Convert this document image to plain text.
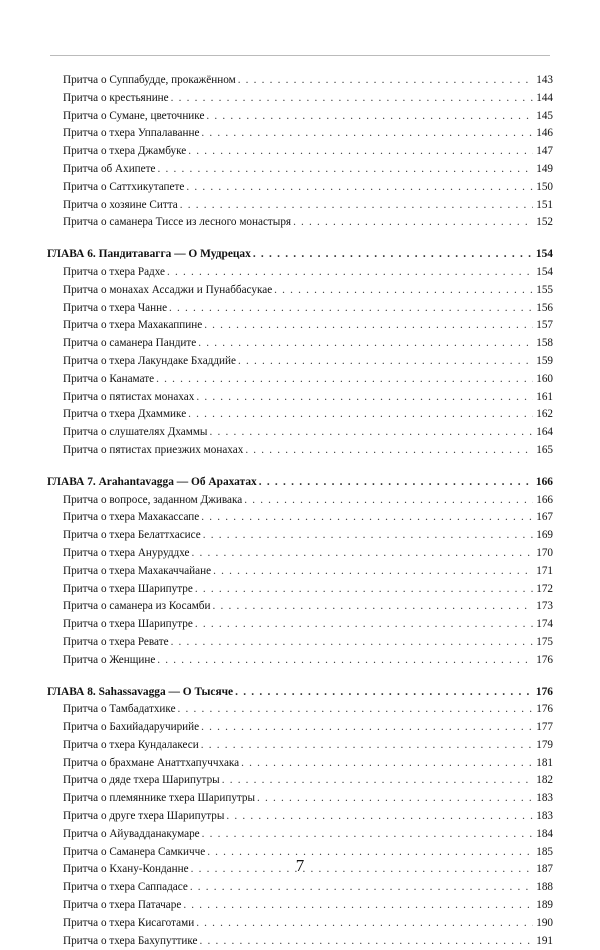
Притча о Суппабудде, прокажённом . . .	143
Притча о крестьянине . . .	144
Притча о Сумане, цветочнике . . .	145
Притча о тхера Уппалаванне . . .	146
Притча о тхера Джамбуке . . .	147
Притча об Ахипете . . .	149
Притча о Саттхикутапете . . .	150
Притча о хозяине Ситта . . .	151
Притча о саманера Тиссе из лесного монастыря . . .	152
ГЛАВА 6. Пандитавагга — О Мудрецах . . .	154
Притча о тхера Радхе . . .	154
Притча о монахах Ассаджи и Пунаббасукае . . .	155
Притча о тхера Чанне . . .	156
Притча о тхера Махакаппине . . .	157
Притча о саманера Пандите . . .	158
Притча о тхера Лакундаке Бхаддийе . . .	159
Притча о Канамате . . .	160
Притча о пятистах монахах . . .	161
Притча о тхера Дхаммике . . .	162
Притча о слушателях Дхаммы . . .	164
Притча о пятистах приезжих монахах . . .	165
ГЛАВА 7. Arahantavagga — Об Арахатах . . .	166
Притча о вопросе, заданном Дживака . . .	166
Притча о тхера Махакассапе . . .	167
Притча о тхера Белаттхасисе . . .	169
Притча о тхера Ануруддхе . . .	170
Притча о тхера Махакаччайане . . .	171
Притча о тхера Шарипутре . . .	172
Притча о саманера из Косамби . . .	173
Притча о тхера Шарипутре . . .	174
Притча о тхера Ревате . . .	175
Притча о Женщине . . .	176
ГЛАВА 8. Sahassavagga — О Тысяче . . .	176
Притча о Тамбадатхике . . .	176
Притча о Бахийадаручирийе . . .	177
Притча о тхера Кундалакеси . . .	179
Притча о брахмане Анаттхапуччхака . . .	181
Притча о дяде тхера Шарипутры . . .	182
Притча о племяннике тхера Шарипутры . . .	183
Притча о друге тхера Шарипутры . . .	183
Притча о Айувадданакумаре . . .	184
Притча о Саманера Самкичче . . .	185
Притча о Кхану-Конданне . . .	187
Притча о тхера Саппадасе . . .	188
Притча о тхера Патачаре . . .	189
Притча о тхера Кисаготами . . .	190
Притча о тхера Бахупуттике . . .	191
7
